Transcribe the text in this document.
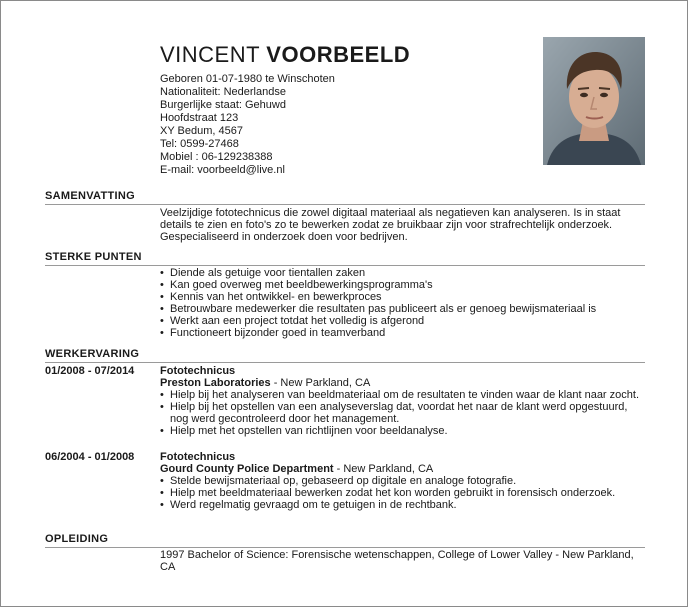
VINCENT VOORBEELD
Geboren 01-07-1980 te Winschoten
Nationaliteit: Nederlandse
Burgerlijke staat: Gehuwd
Hoofdstraat 123
XY Bedum, 4567
Tel: 0599-27468
Mobiel : 06-129238388
E-mail: voorbeeld@live.nl
SAMENVATTING
Veelzijdige fototechnicus die zowel digitaal materiaal als negatieven kan analyseren. Is in staat details te zien en foto's zo te bewerken zodat ze bruikbaar zijn voor strafrechtelijk onderzoek. Gespecialiseerd in onderzoek doen voor bedrijven.
STERKE PUNTEN
• Diende als getuige voor tientallen zaken
• Kan goed overweg met beeldbewerkingsprogramma's
• Kennis van het ontwikkel- en bewerkproces
• Betrouwbare medewerker die resultaten pas publiceert als er genoeg bewijsmateriaal is
• Werkt aan een project totdat het volledig is afgerond
• Functioneert bijzonder goed in teamverband
WERKERVARING
01/2008 - 07/2014 Fototechnicus
Preston Laboratories - New Parkland, CA
• Hielp bij het analyseren van beeldmateriaal om de resultaten te vinden waar de klant naar zocht.
• Hielp bij het opstellen van een analyseverslag dat, voordat het naar de klant werd opgestuurd, nog werd gecontroleerd door het management.
• Hielp met het opstellen van richtlijnen voor beeldanalyse.
06/2004 - 01/2008 Fototechnicus
Gourd County Police Department - New Parkland, CA
• Stelde bewijsmateriaal op, gebaseerd op digitale en analoge fotografie.
• Hielp met beeldmateriaal bewerken zodat het kon worden gebruikt in forensisch onderzoek.
• Werd regelmatig gevraagd om te getuigen in de rechtbank.
OPLEIDING
1997 Bachelor of Science: Forensische wetenschappen, College of Lower Valley - New Parkland, CA
